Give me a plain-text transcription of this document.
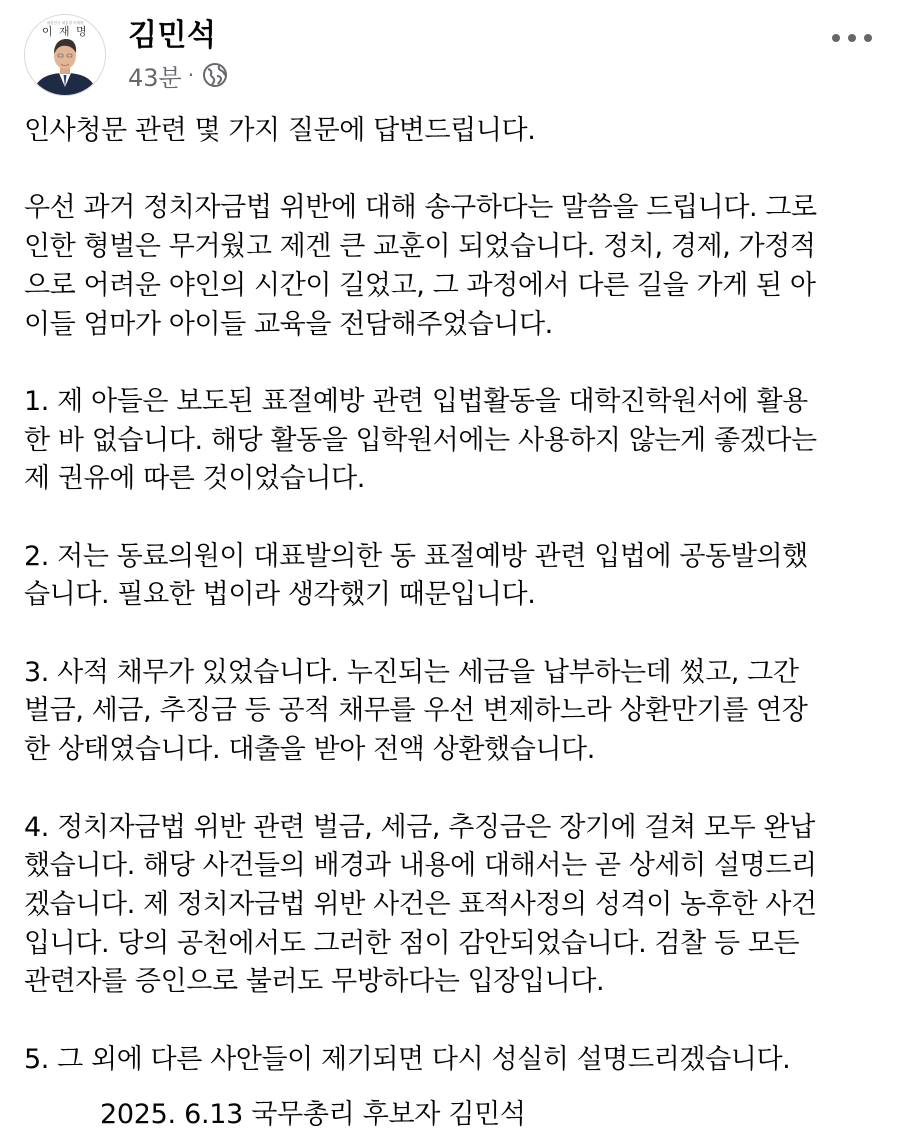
대한민국 대통령 이재명
이 재 명 김민석
43분 ·

인사청문 관련 몇 가지 질문에 답변드립니다.

우선 과거 정치자금법 위반에 대해 송구하다는 말씀을 드립니다. 그로
인한 형벌은 무거웠고 제겐 큰 교훈이 되었습니다. 정치, 경제, 가정적
으로 어려운 야인의 시간이 길었고, 그 과정에서 다른 길을 가게 된 아
이들 엄마가 아이들 교육을 전담해주었습니다.

1. 제 아들은 보도된 표절예방 관련 입법활동을 대학진학원서에 활용
한 바 없습니다. 해당 활동을 입학원서에는 사용하지 않는게 좋겠다는
제 권유에 따른 것이었습니다.

2. 저는 동료의원이 대표발의한 동 표절예방 관련 입법에 공동발의했
습니다. 필요한 법이라 생각했기 때문입니다.

3. 사적 채무가 있었습니다. 누진되는 세금을 납부하는데 썼고, 그간
벌금, 세금, 추징금 등 공적 채무를 우선 변제하느라 상환만기를 연장
한 상태였습니다. 대출을 받아 전액 상환했습니다.

4. 정치자금법 위반 관련 벌금, 세금, 추징금은 장기에 걸쳐 모두 완납
했습니다. 해당 사건들의 배경과 내용에 대해서는 곧 상세히 설명드리
겠습니다. 제 정치자금법 위반 사건은 표적사정의 성격이 농후한 사건
입니다. 당의 공천에서도 그러한 점이 감안되었습니다. 검찰 등 모든
관련자를 증인으로 불러도 무방하다는 입장입니다.

5. 그 외에 다른 사안들이 제기되면 다시 성실히 설명드리겠습니다.

2025. 6.13 국무총리 후보자 김민석
